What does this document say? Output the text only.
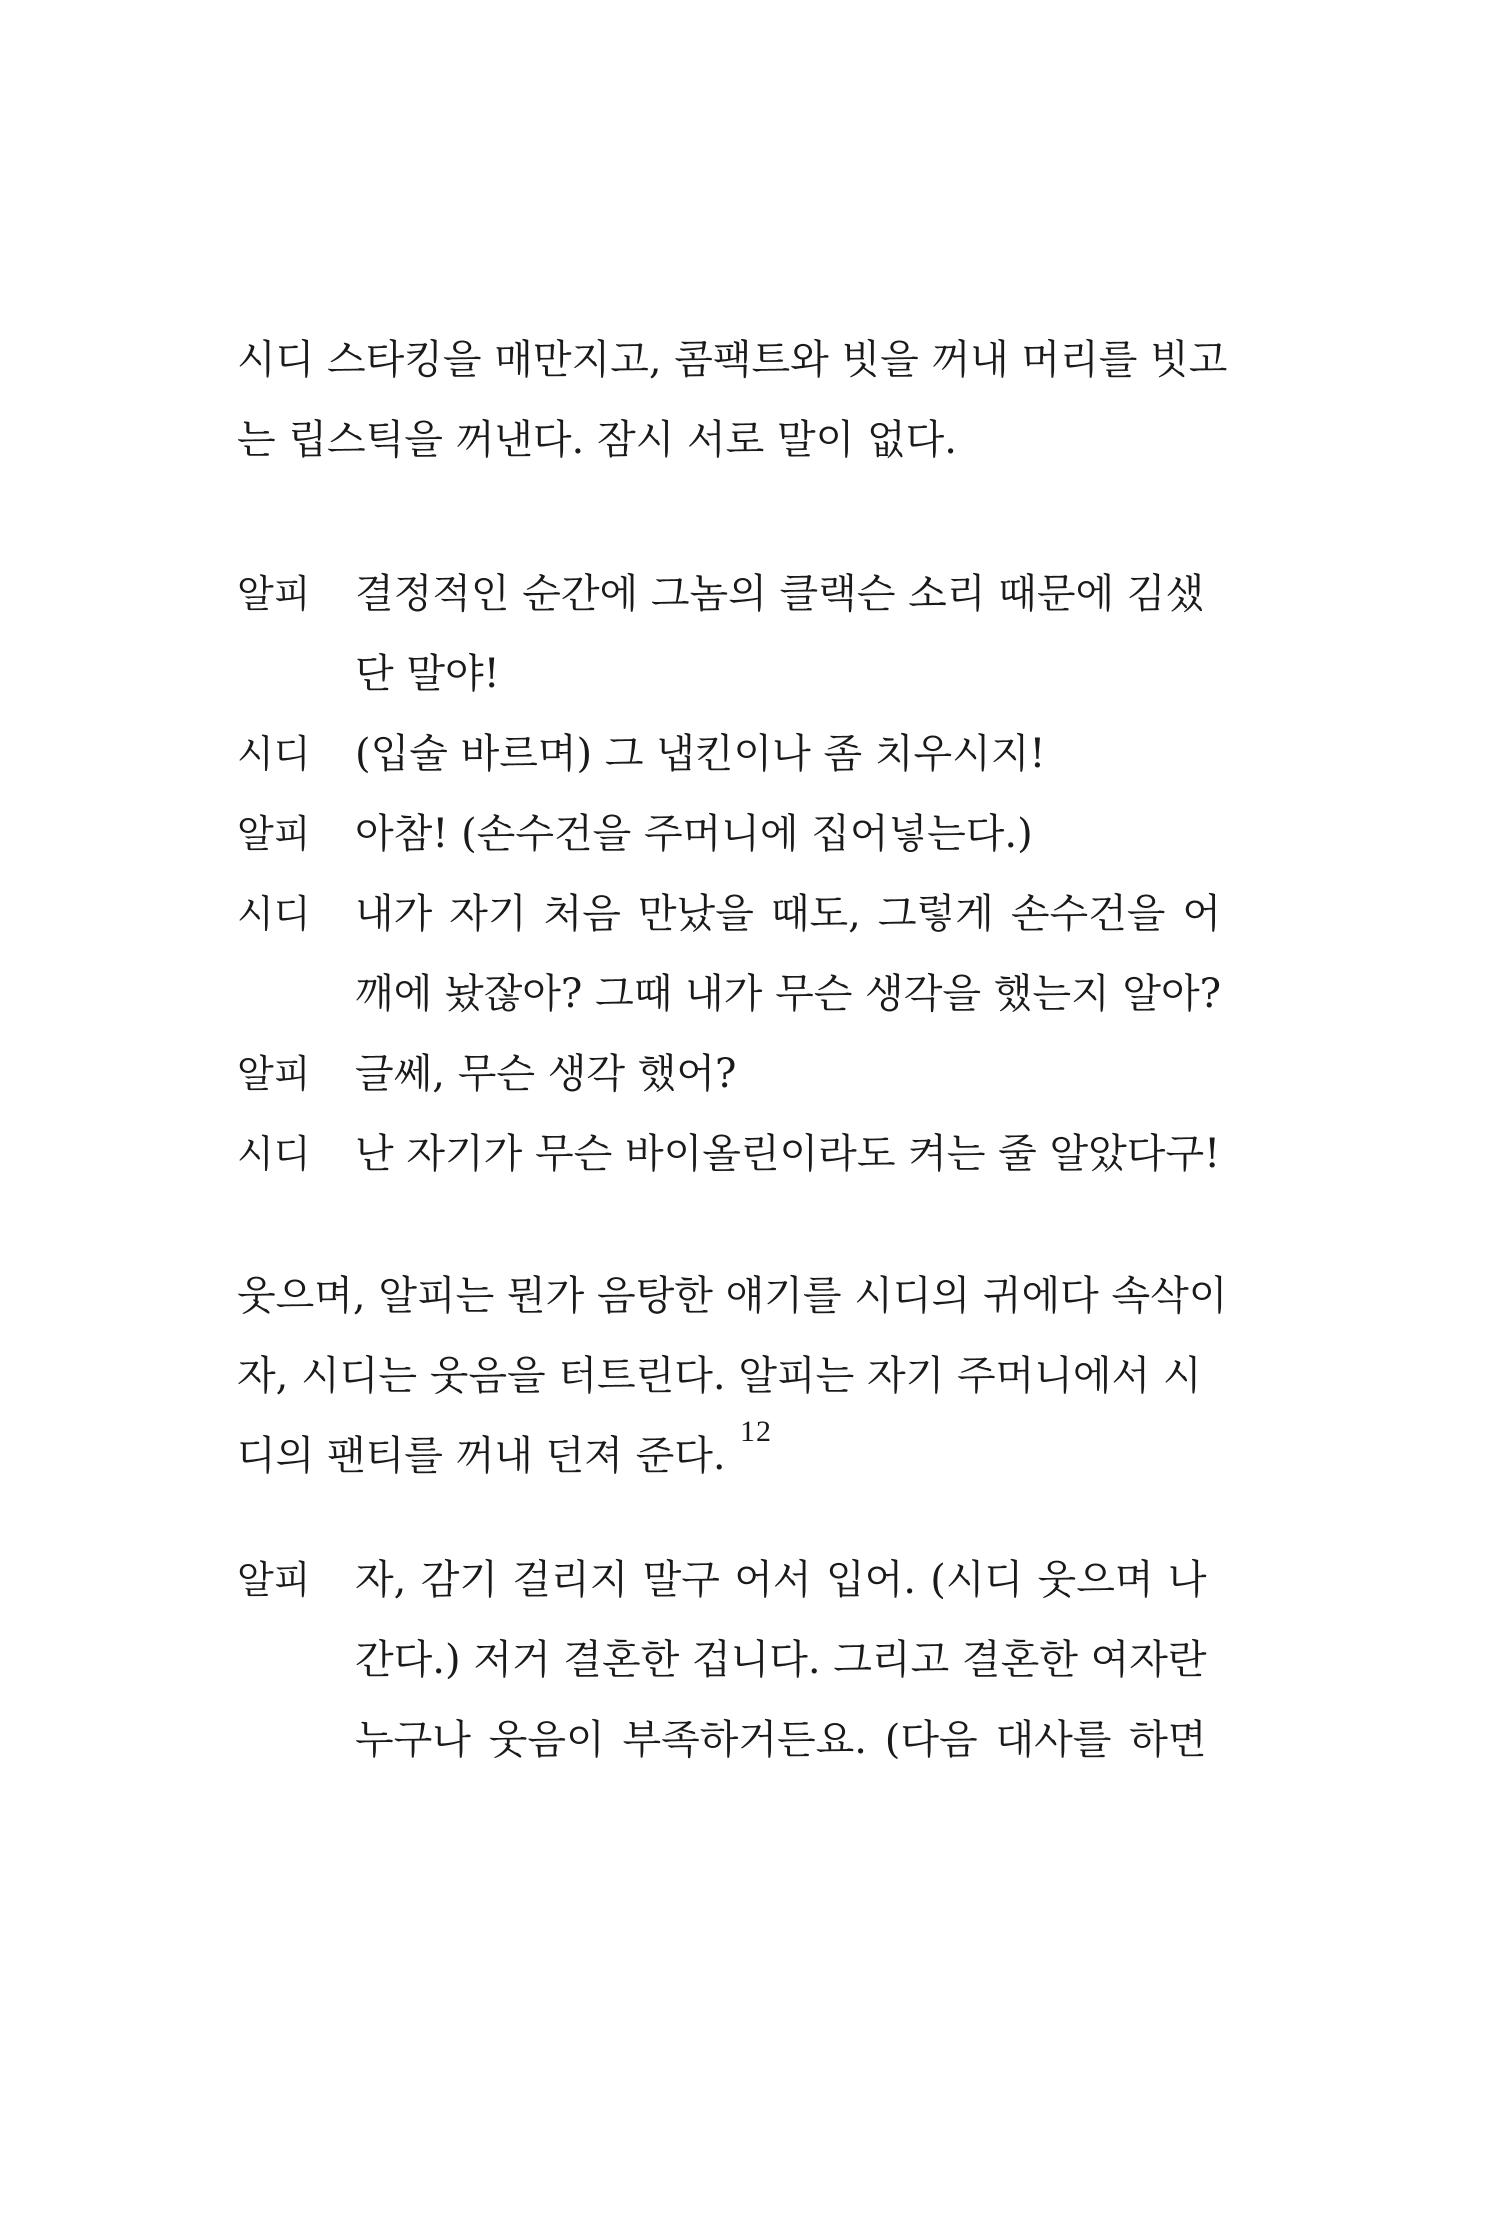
시디 스타킹을 매만지고, 콤팩트와 빗을 꺼내 머리를 빗고
는 립스틱을 꺼낸다. 잠시 서로 말이 없다.
알피	결정적인 순간에 그놈의 클랙슨 소리 때문에 김샜
단 말야!
시디	(입술 바르며) 그 냅킨이나 좀 치우시지!
알피	아참! (손수건을 주머니에 집어넣는다.)
시디	내가 자기 처음 만났을 때도, 그렇게 손수건을 어
깨에 놨잖아? 그때 내가 무슨 생각을 했는지 알아?
알피	글쎄, 무슨 생각 했어?
시디	난 자기가 무슨 바이올린이라도 켜는 줄 알았다구!
웃으며, 알피는 뭔가 음탕한 얘기를 시디의 귀에다 속삭이
자, 시디는 웃음을 터트린다. 알피는 자기 주머니에서 시
디의 팬티를 꺼내 던져 준다.
알피	자, 감기 걸리지 말구 어서 입어. (시디 웃으며 나
간다.) 저거 결혼한 겁니다. 그리고 결혼한 여자란
누구나 웃음이 부족하거든요. (다음 대사를 하면
12
